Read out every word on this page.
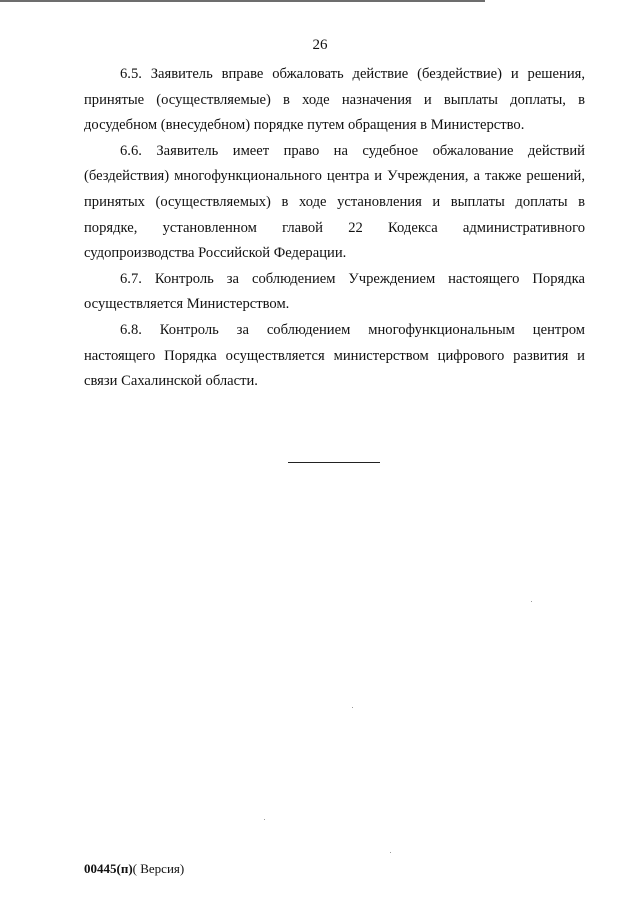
26

6.5. Заявитель вправе обжаловать действие (бездействие) и решения, принятые (осуществляемые) в ходе назначения и выплаты доплаты, в досудебном (внесудебном) порядке путем обращения в Министерство.

6.6. Заявитель имеет право на судебное обжалование действий (бездействия) многофункционального центра и Учреждения, а также решений, принятых (осуществляемых) в ходе установления и выплаты доплаты в порядке, установленном главой 22 Кодекса административного судопроизводства Российской Федерации.

6.7. Контроль за соблюдением Учреждением настоящего Порядка осуществляется Министерством.

6.8. Контроль за соблюдением многофункциональным центром настоящего Порядка осуществляется министерством цифрового развития и связи Сахалинской области.

00445(п)( Версия)
